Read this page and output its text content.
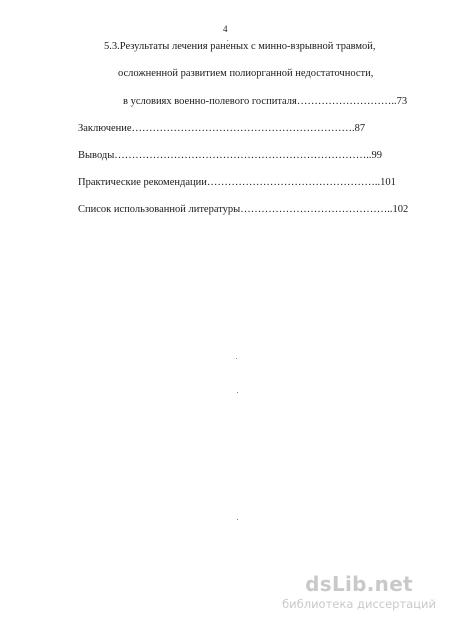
4
5.3.Результаты лечения раненых с минно-взрывной травмой,
осложненной развитием полиорганной недостаточности,
в условиях военно-полевого госпиталя………………………..73
Заключение……………………………………………………….87
Выводы………………………………………………………………..99
Практические рекомендации…………………………………………..101
Список использованной литературы……………………………………..102
dsLib.net
библиотека диссертаций
